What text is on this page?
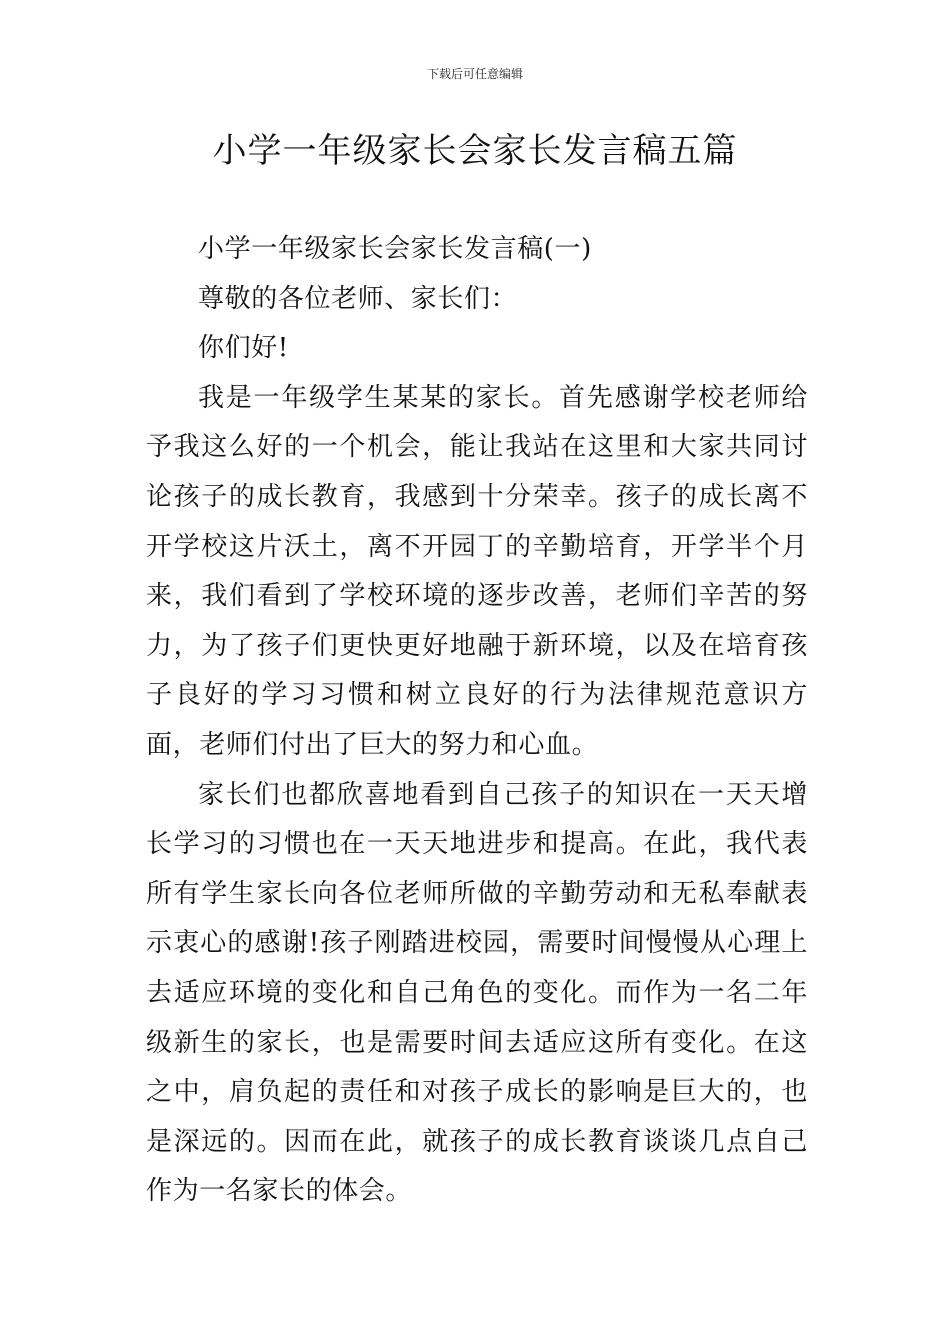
下载后可任意编辑
小学一年级家长会家长发言稿五篇

小学一年级家长会家长发言稿(一)

尊敬的各位老师、家长们：

你们好!

我是一年级学生某某的家长。首先感谢学校老师给予我这么好的一个机会，能让我站在这里和大家共同讨论孩子的成长教育，我感到十分荣幸。孩子的成长离不开学校这片沃土，离不开园丁的辛勤培育，开学半个月来，我们看到了学校环境的逐步改善，老师们辛苦的努力，为了孩子们更快更好地融于新环境，以及在培育孩子良好的学习习惯和树立良好的行为法律规范意识方面，老师们付出了巨大的努力和心血。

家长们也都欣喜地看到自己孩子的知识在一天天增长学习的习惯也在一天天地进步和提高。在此，我代表所有学生家长向各位老师所做的辛勤劳动和无私奉献表示衷心的感谢!孩子刚踏进校园，需要时间慢慢从心理上去适应环境的变化和自己角色的变化。而作为一名二年级新生的家长，也是需要时间去适应这所有变化。在这之中，肩负起的责任和对孩子成长的影响是巨大的，也是深远的。因而在此，就孩子的成长教育谈谈几点自己作为一名家长的体会。
